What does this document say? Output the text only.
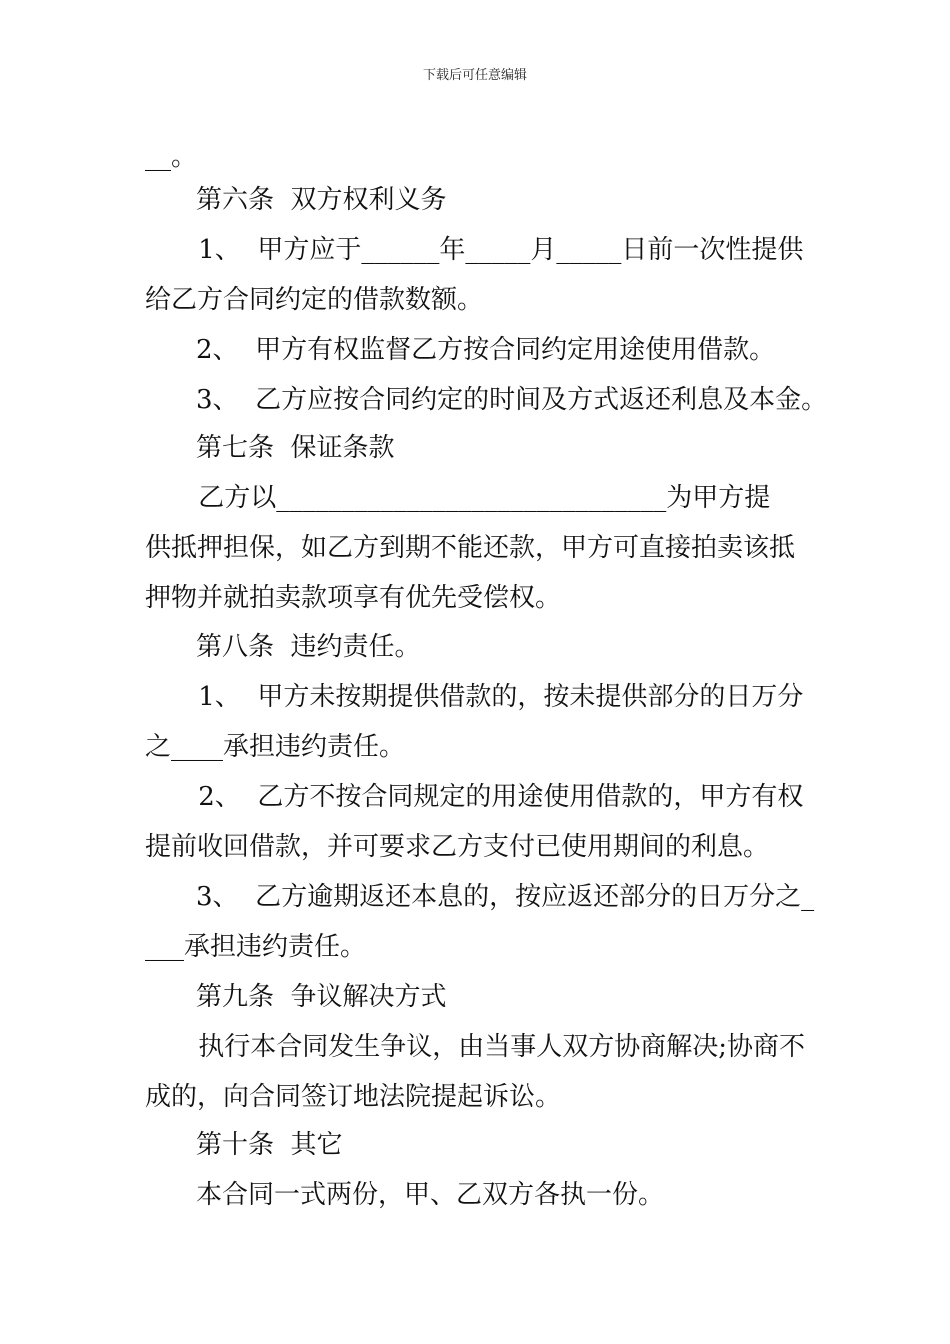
下载后可任意编辑
__。
第六条  双方权利义务
1、  甲方应于______年_____月_____日前一次性提供
给乙方合同约定的借款数额。
2、  甲方有权监督乙方按合同约定用途使用借款。
3、  乙方应按合同约定的时间及方式返还利息及本金。
第七条  保证条款
乙方以______________________________为甲方提
供抵押担保，如乙方到期不能还款，甲方可直接拍卖该抵
押物并就拍卖款项享有优先受偿权。
第八条  违约责任。
1、  甲方未按期提供借款的，按未提供部分的日万分
之____承担违约责任。
2、  乙方不按合同规定的用途使用借款的，甲方有权
提前收回借款，并可要求乙方支付已使用期间的利息。
3、  乙方逾期返还本息的，按应返还部分的日万分之_
___承担违约责任。
第九条  争议解决方式
执行本合同发生争议，由当事人双方协商解决;协商不
成的，向合同签订地法院提起诉讼。
第十条  其它
本合同一式两份，甲、乙双方各执一份。
